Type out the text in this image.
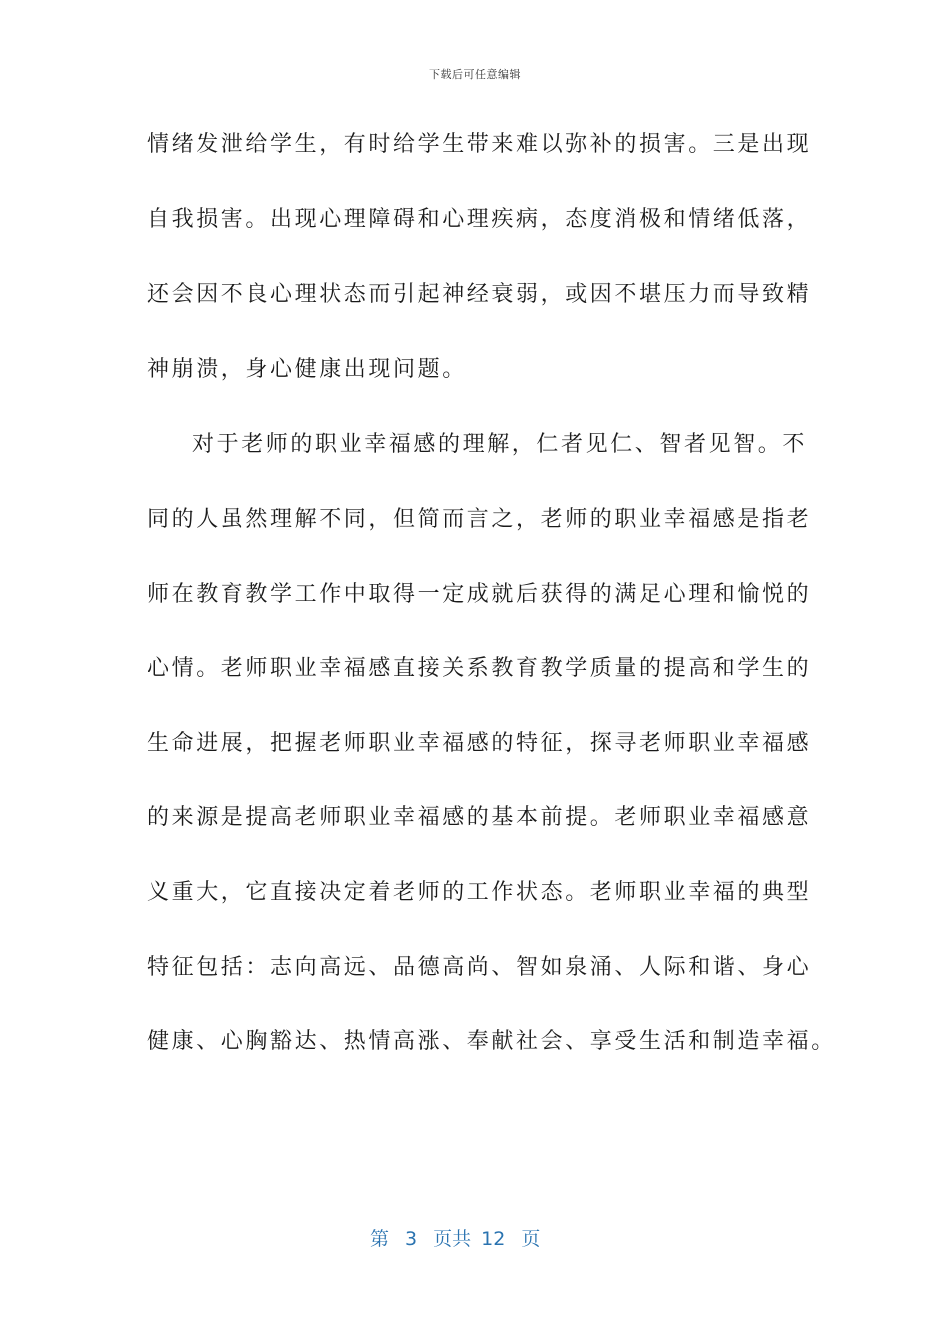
下载后可任意编辑
情绪发泄给学生，有时给学生带来难以弥补的损害。三是出现
自我损害。出现心理障碍和心理疾病，态度消极和情绪低落，
还会因不良心理状态而引起神经衰弱，或因不堪压力而导致精
神崩溃，身心健康出现问题。
对于老师的职业幸福感的理解，仁者见仁、智者见智。不
同的人虽然理解不同，但简而言之，老师的职业幸福感是指老
师在教育教学工作中取得一定成就后获得的满足心理和愉悦的
心情。老师职业幸福感直接关系教育教学质量的提高和学生的
生命进展，把握老师职业幸福感的特征，探寻老师职业幸福感
的来源是提高老师职业幸福感的基本前提。老师职业幸福感意
义重大，它直接决定着老师的工作状态。老师职业幸福的典型
特征包括：志向高远、品德高尚、智如泉涌、人际和谐、身心
健康、心胸豁达、热情高涨、奉献社会、享受生活和制造幸福。
第 3 页共 12 页
